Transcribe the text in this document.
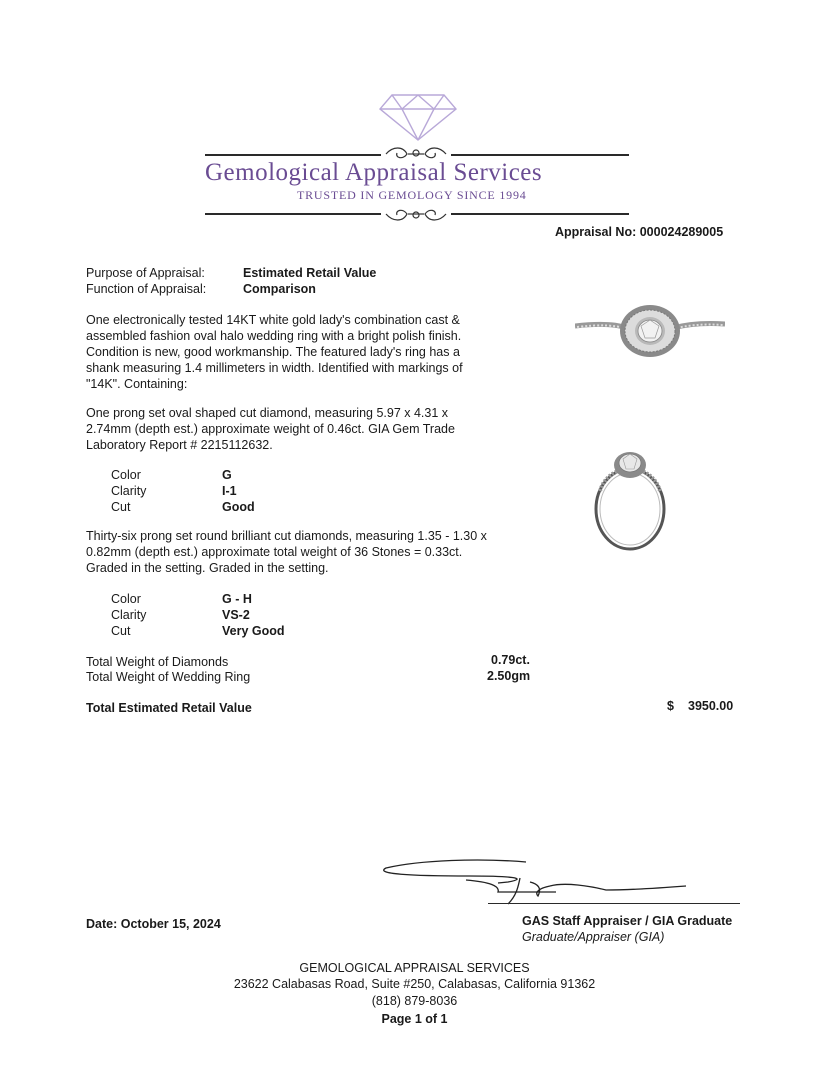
Gemological Appraisal Services
TRUSTED IN GEMOLOGY SINCE 1994
Appraisal No: 000024289005
Purpose of Appraisal:	Estimated Retail Value
Function of Appraisal:	Comparison
One electronically tested 14KT white gold lady's combination cast & assembled fashion oval halo wedding ring with a bright polish finish. Condition is new, good workmanship. The featured lady's ring has a shank measuring 1.4 millimeters in width. Identified with markings of "14K". Containing:
One prong set oval shaped cut diamond, measuring 5.97 x 4.31 x 2.74mm (depth est.) approximate weight of 0.46ct. GIA Gem Trade Laboratory Report # 2215112632.
Color	G
Clarity	I-1
Cut	Good
Thirty-six prong set round brilliant cut diamonds, measuring 1.35 - 1.30 x 0.82mm (depth est.) approximate total weight of 36 Stones = 0.33ct. Graded in the setting. Graded in the setting.
Color	G - H
Clarity	VS-2
Cut	Very Good
Total Weight of Diamonds	0.79ct.
Total Weight of Wedding Ring	2.50gm
Total Estimated Retail Value	$ 3950.00
Date: October 15, 2024	GAS Staff Appraiser / GIA Graduate
Graduate/Appraiser (GIA)
GEMOLOGICAL APPRAISAL SERVICES
23622 Calabasas Road, Suite #250, Calabasas, California 91362
(818) 879-8036
Page 1 of 1
